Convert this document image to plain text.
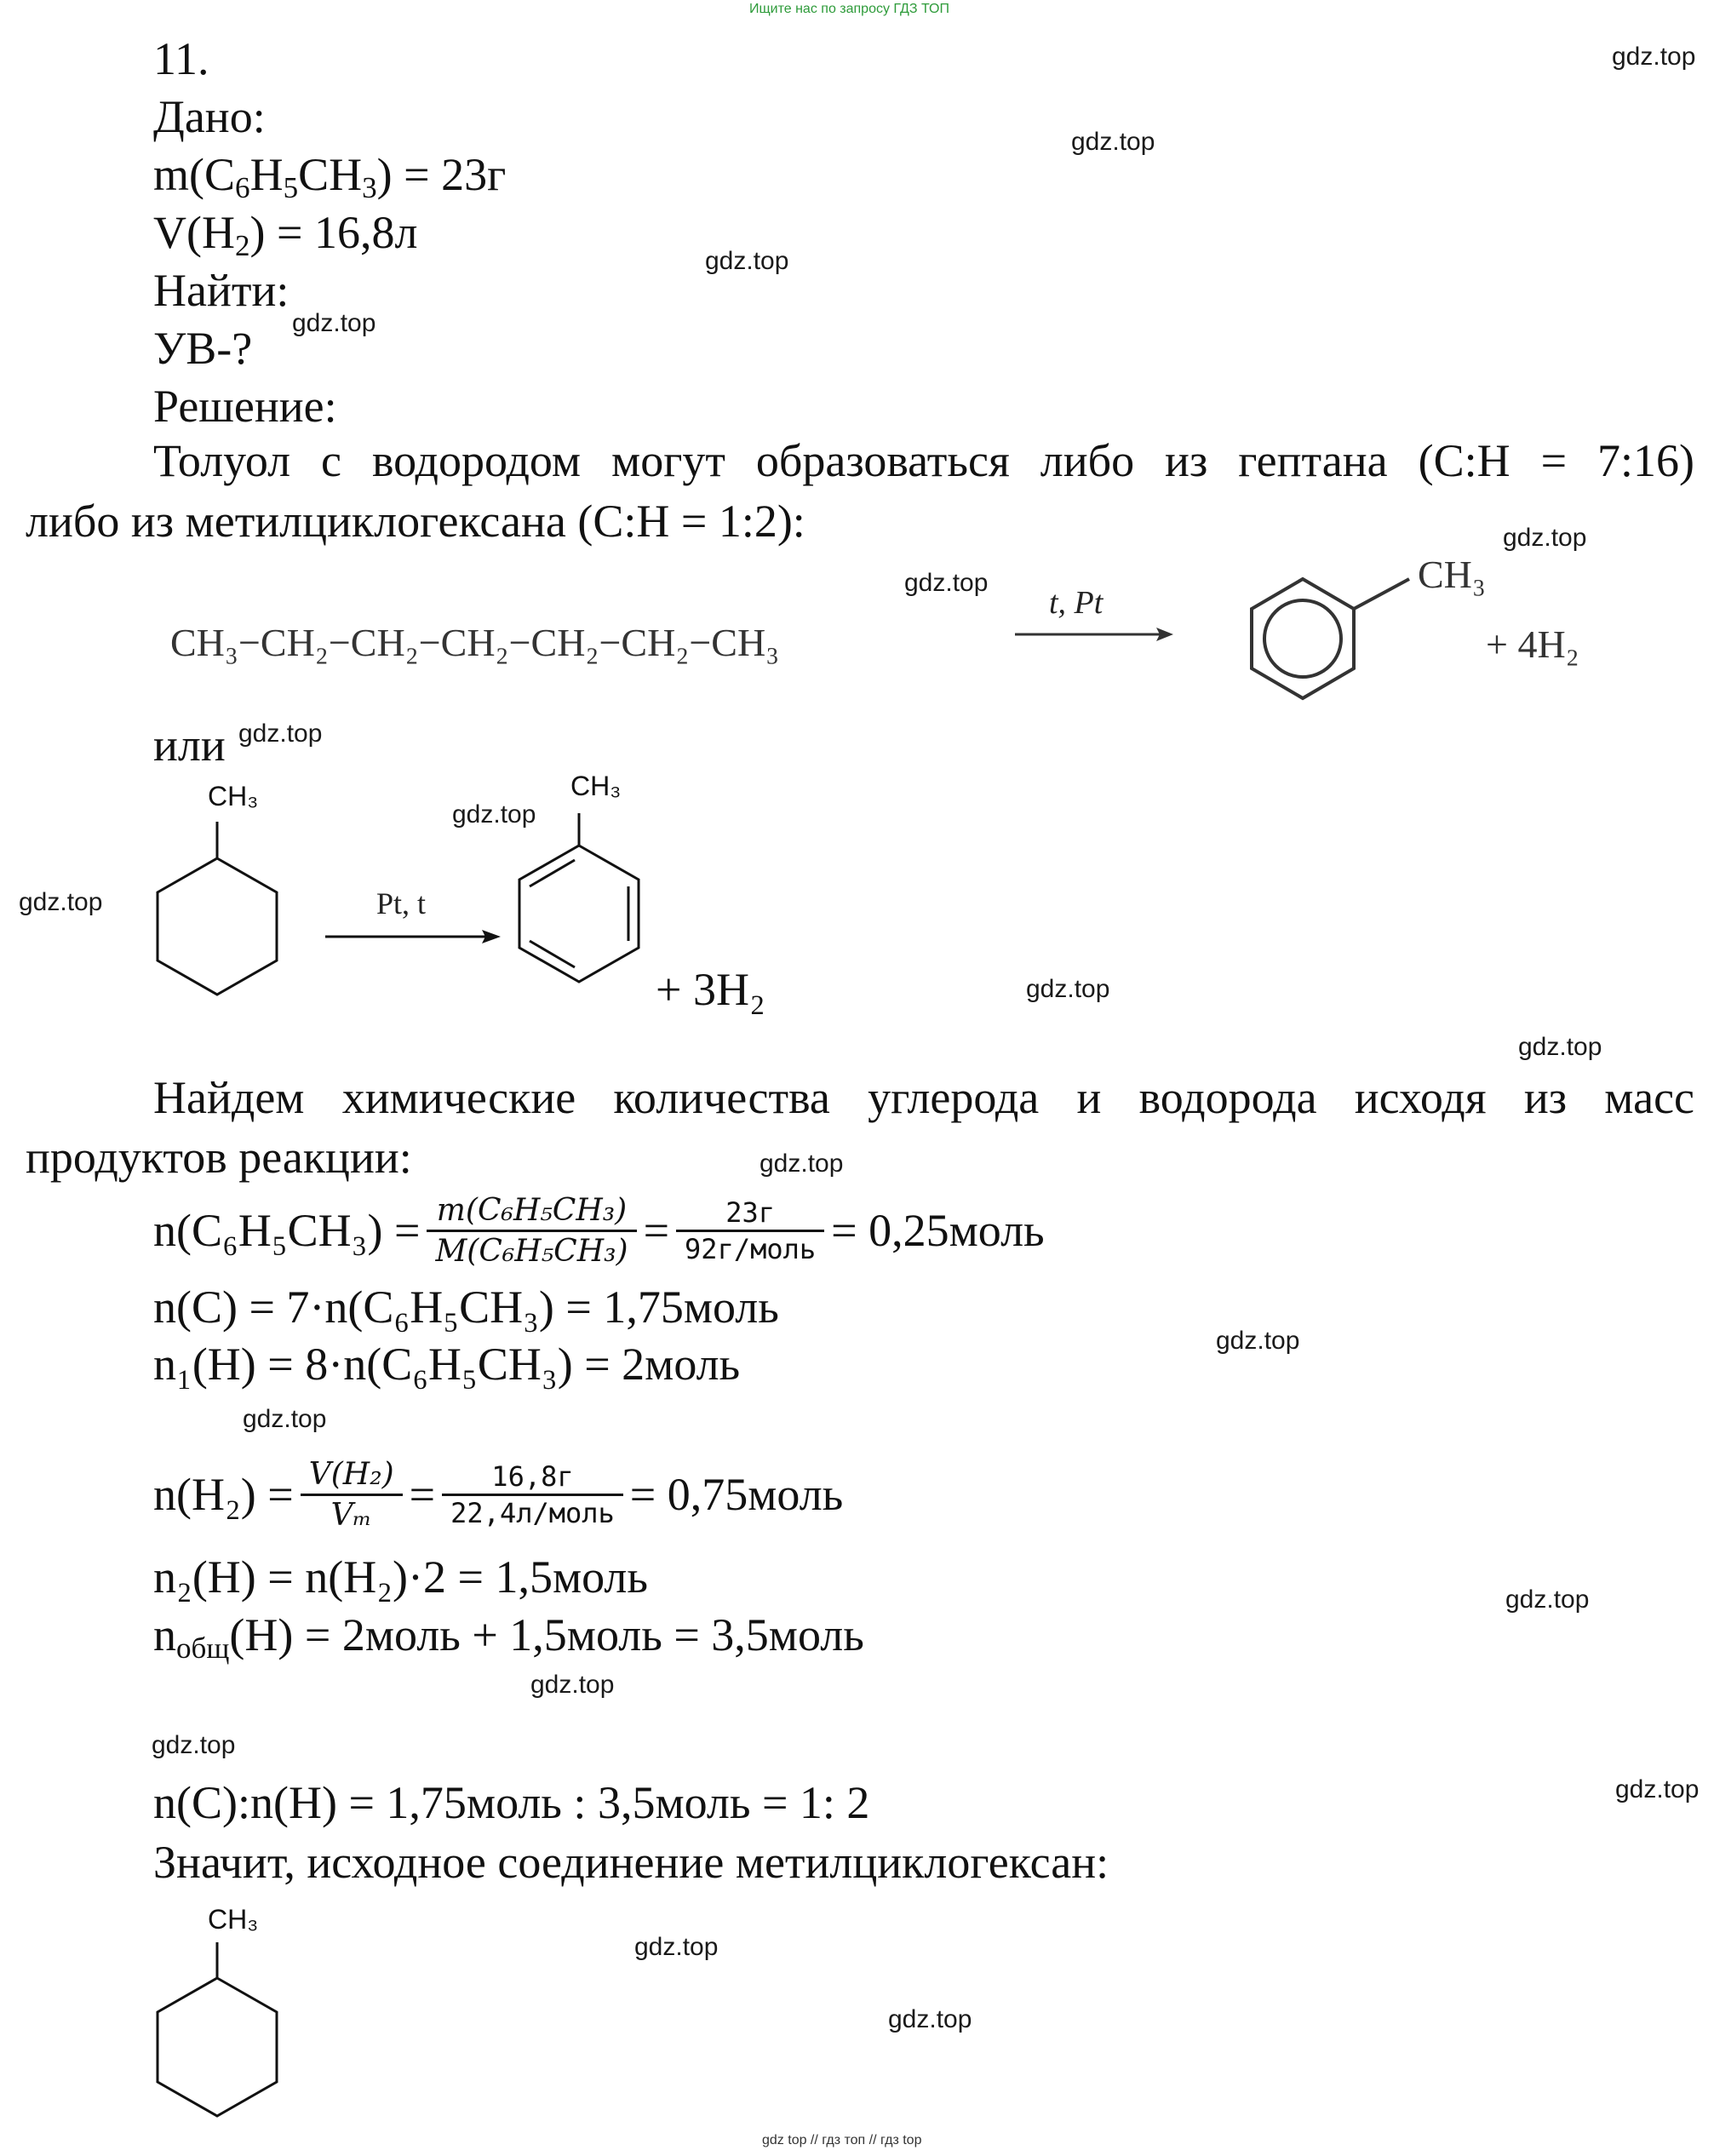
Ищите нас по запросу ГДЗ ТОП
gdz top // гдз топ // гдз top
gdz.top
gdz.top
gdz.top
gdz.top
gdz.top
gdz.top
gdz.top
gdz.top
gdz.top
gdz.top
gdz.top
gdz.top
gdz.top
gdz.top
gdz.top
gdz.top
gdz.top
gdz.top
gdz.top
gdz.top
11.
Дано:
$m(C_6H_5CH_3) = 23г$
$V(H_2) = 16,8л$
Найти:
УВ-?
Решение:
Толуол с водородом могут образоваться либо из гептана (C:H = 7:16)
либо из метилциклогексана (C:H = 1:2):
CH₃−CH₂−CH₂−CH₂−CH₂−CH₂−CH₃
t, Pt
CH₃
+ 4H₂
или
CH₃
Pt, t
CH₃
+ 3H₂
Найдем химические количества углерода и водорода исходя из масс
продуктов реакции:
$n(C_6H_5CH_3) = \frac{\text{m(C₆H₅CH₃)}}{\text{M(C₆H₅CH₃)}} = \frac{23г}{\text{92г/моль}}$ = 0,25моль
n(C) = 7·n(C₆H₅CH₃) = 1,75моль
n₁(H) = 8·n(C₆H₅CH₃) = 2моль
$n(H_2) = \frac{\text{V(H₂)}}{\text{Vₘ}} = \frac{16,8г}{\text{22,4л/моль}}$ = 0,75моль
n₂(H) = n(H₂)·2 = 1,5моль
$n_{общ}(H)$ = 2моль + 1,5моль = 3,5моль
n(C):n(H) = 1,75моль : 3,5моль = 1: 2
Значит, исходное соединение метилциклогексан:
CH₃
